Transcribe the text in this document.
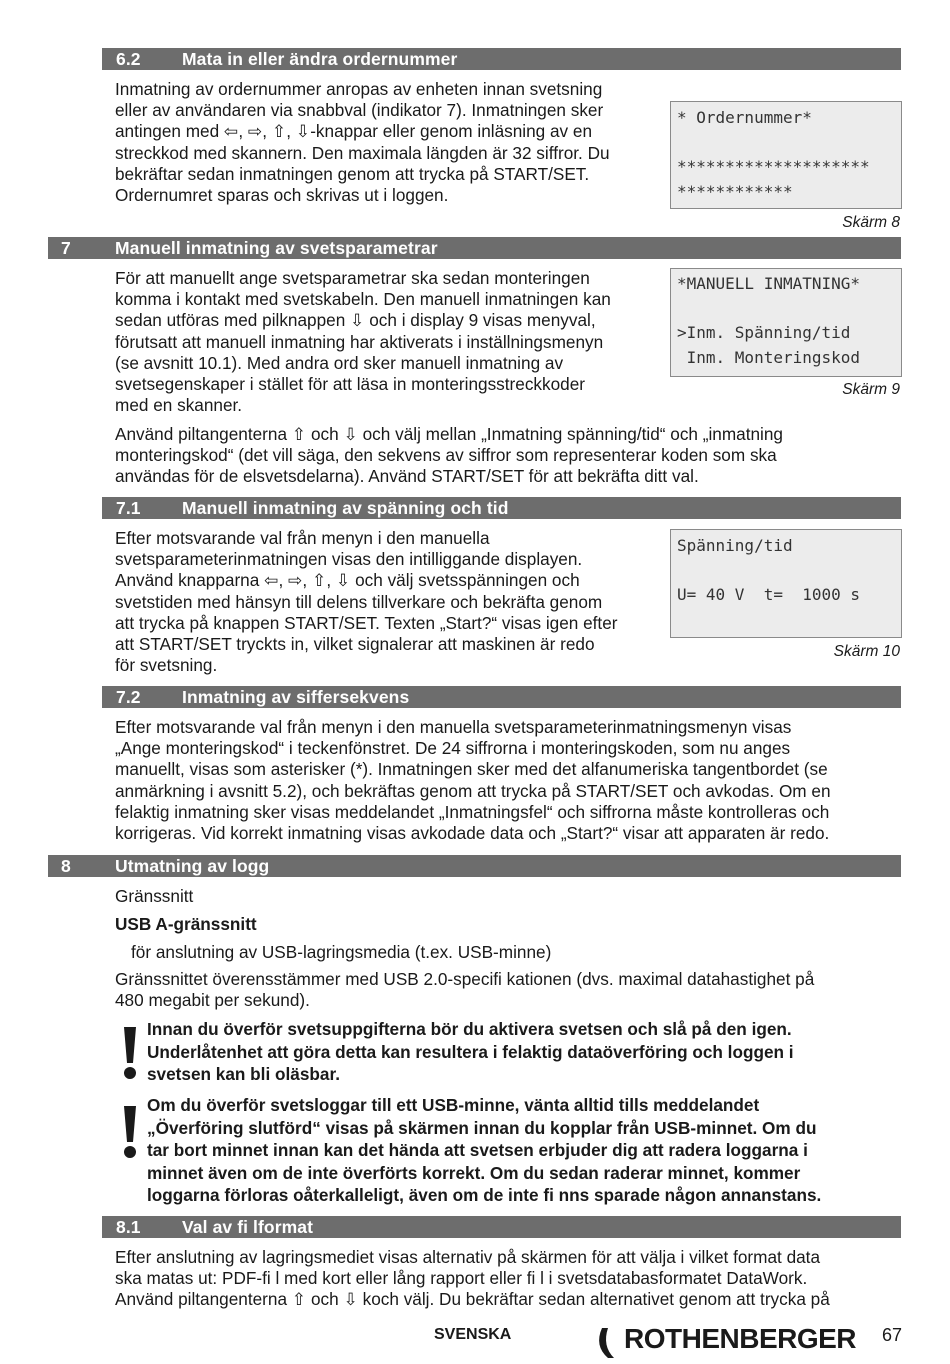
6.2 Mata in eller ändra ordernummer

Inmatning av ordernummer anropas av enheten innan svetsning
eller av användaren via snabbval (indikator 7). Inmatningen sker
antingen med ⇦, ⇨, ⇧, ⇩-knappar eller genom inläsning av en
streckkod med skannern. Den maximala längden är 32 siffror. Du
bekräftar sedan inmatningen genom att trycka på START/SET.
Ordernumret sparas och skrivas ut i loggen.

* Ordernummer*
********************
************
Skärm 8
7	Manuell inmatning av svetsparametrar

För att manuellt ange svetsparametrar ska sedan monteringen
komma i kontakt med svetskabeln. Den manuell inmatningen kan
sedan utföras med pilknappen ⇩ och i display 9 visas menyval,
förutsatt att manuell inmatning har aktiverats i inställningsmenyn
(se avsnitt 10.1). Med andra ord sker manuell inmatning av
svetsegenskaper i stället för att läsa in monteringsstreckkoder
med en skanner.

*MANUELL INMATNING*
>Inm. Spänning/tid
Inm. Monteringskod
Skärm 9

Använd piltangenterna ⇧ och ⇩ och välj mellan „Inmatning spänning/tid“ och „inmatning
monteringskod“ (det vill säga, den sekvens av siffror som representerar koden som ska
användas för de elsvetsdelarna). Använd START/SET för att bekräfta ditt val.

7.1 Manuell inmatning av spänning och tid

Efter motsvarande val från menyn i den manuella
svetsparameterinmatningen visas den intilliggande displayen.
Använd knapparna ⇦, ⇨, ⇧, ⇩ och välj svetsspänningen och
svetstiden med hänsyn till delens tillverkare och bekräfta genom
att trycka på knappen START/SET. Texten „Start?“ visas igen efter
att START/SET tryckts in, vilket signalerar att maskinen är redo
för svetsning.

Spänning/tid
U= 40 V  t=  1000 s
Skärm 10
7.2 Inmatning av siffersekvens

Efter motsvarande val från menyn i den manuella svetsparameterinmatningsmenyn visas
„Ange monteringskod“ i teckenfönstret. De 24 siffrorna i monteringskoden, som nu anges
manuellt, visas som asterisker (*). Inmatningen sker med det alfanumeriska tangentbordet (se
anmärkning i avsnitt 5.2), och bekräftas genom att trycka på START/SET och avkodas. Om en
felaktig inmatning sker visas meddelandet „Inmatningsfel“ och siffrorna måste kontrolleras och
korrigeras. Vid korrekt inmatning visas avkodade data och „Start?“ visar att apparaten är redo.

8	Utmatning av logg
Gränssnitt
USB A-gränssnitt
för anslutning av USB-lagringsmedia (t.ex. USB-minne)

Gränssnittet överensstämmer med USB 2.0-specifi kationen (dvs. maximal datahastighet på
480 megabit per sekund).

Innan du överför svetsuppgifterna bör du aktivera svetsen och slå på den igen.
Underlåtenhet att göra detta kan resultera i felaktig dataöverföring och loggen i
svetsen kan bli oläsbar.

Om du överför svetsloggar till ett USB-minne, vänta alltid tills meddelandet
„Överföring slutförd“ visas på skärmen innan du kopplar från USB-minnet. Om du
tar bort minnet innan kan det hända att svetsen erbjuder dig att radera loggarna i
minnet även om de inte överförts korrekt. Om du sedan raderar minnet, kommer
loggarna förloras oåterkalleligt, även om de inte fi nns sparade någon annanstans.

8.1 Val av fi lformat

Efter anslutning av lagringsmediet visas alternativ på skärmen för att välja i vilket format data
ska matas ut: PDF-fi l med kort eller lång rapport eller fi l i svetsdatabasformatet DataWork.
Använd piltangenterna ⇧ och ⇩ koch välj. Du bekräftar sedan alternativet genom att trycka på

SVENSKA	ROTHENBERGER 67
